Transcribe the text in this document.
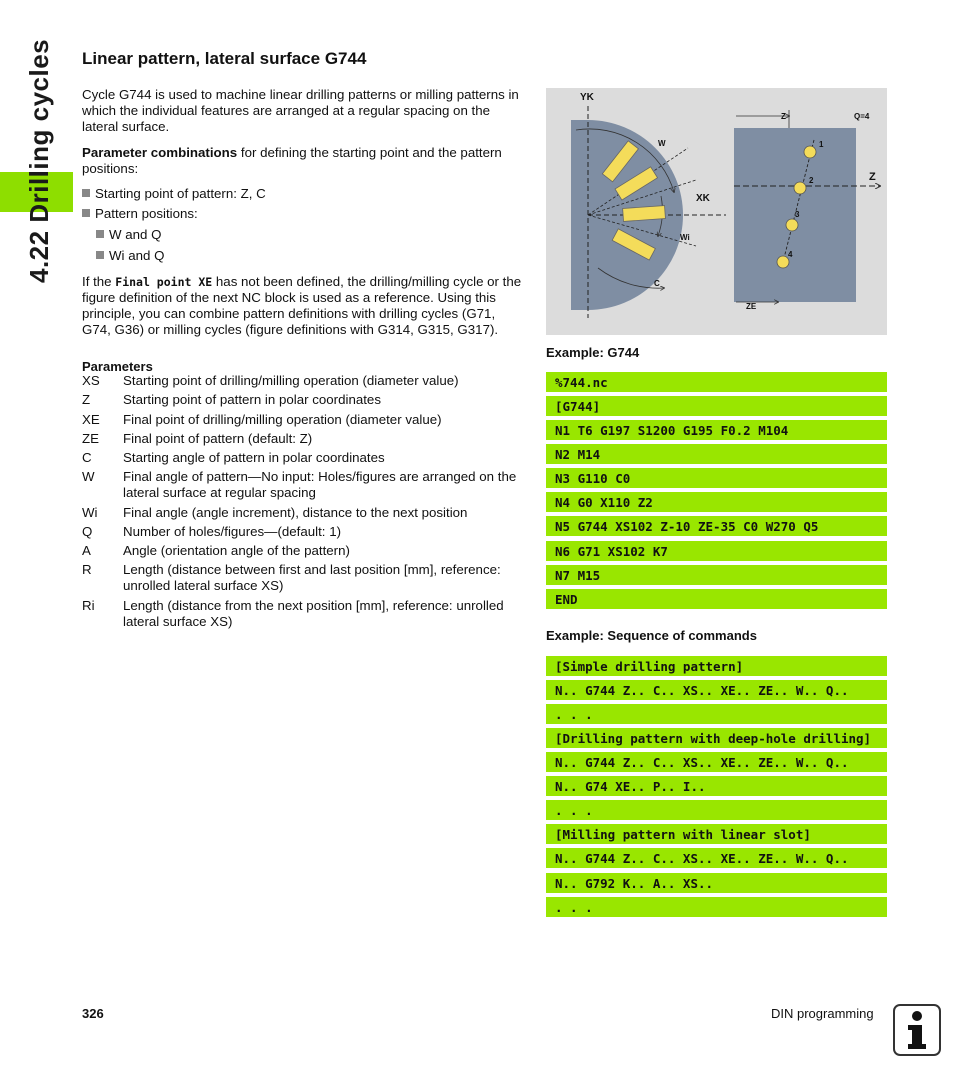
4.22 Drilling cycles Linear pattern, lateral surface G744

Cycle G744 is used to machine linear drilling patterns or milling patterns in which the individual features are arranged at a regular spacing on the lateral surface.

Parameter combinations for defining the starting point and the pattern positions:

Starting point of pattern: Z, C
Pattern positions:
W and Q
Wi and Q

If the Final point XE has not been defined, the drilling/milling cycle or the figure definition of the next NC block is used as a reference. Using this principle, you can combine pattern definitions with drilling cycles (G71, G74, G36) or milling cycles (figure definitions with G314, G315, G317).

Parameters
XS	Starting point of drilling/milling operation (diameter value)
Z	Starting point of pattern in polar coordinates
XE	Final point of drilling/milling operation (diameter value)
ZE	Final point of pattern (default: Z)
C	Starting angle of pattern in polar coordinates
W	Final angle of pattern—No input: Holes/figures are arranged on the lateral surface at regular spacing
Wi	Final angle (angle increment), distance to the next position
Q	Number of holes/figures—(default: 1)
A	Angle (orientation angle of the pattern)
R	Length (distance between first and last position [mm], reference: unrolled lateral surface XS)
Ri	Length (distance from the next position [mm], reference: unrolled lateral surface XS)
YK
W
XK
Wi
C
Z	Q=4
Z
ZE
1
2
3
4
Example: G744
%744.nc
[G744]
N1 T6 G197 S1200 G195 F0.2 M104
N2 M14
N3 G110 C0
N4 G0 X110 Z2
N5 G744 XS102 Z-10 ZE-35 C0 W270 Q5
N6 G71 XS102 K7
N7 M15
END
Example: Sequence of commands
[Simple drilling pattern]
N.. G744 Z.. C.. XS.. XE.. ZE.. W.. Q..
. . .
[Drilling pattern with deep-hole drilling]
N.. G744 Z.. C.. XS.. XE.. ZE.. W.. Q..
N.. G74 XE.. P.. I..
. . .
[Milling pattern with linear slot]
N.. G744 Z.. C.. XS.. XE.. ZE.. W.. Q..
N.. G792 K.. A.. XS..
. . .
326	DIN programming
